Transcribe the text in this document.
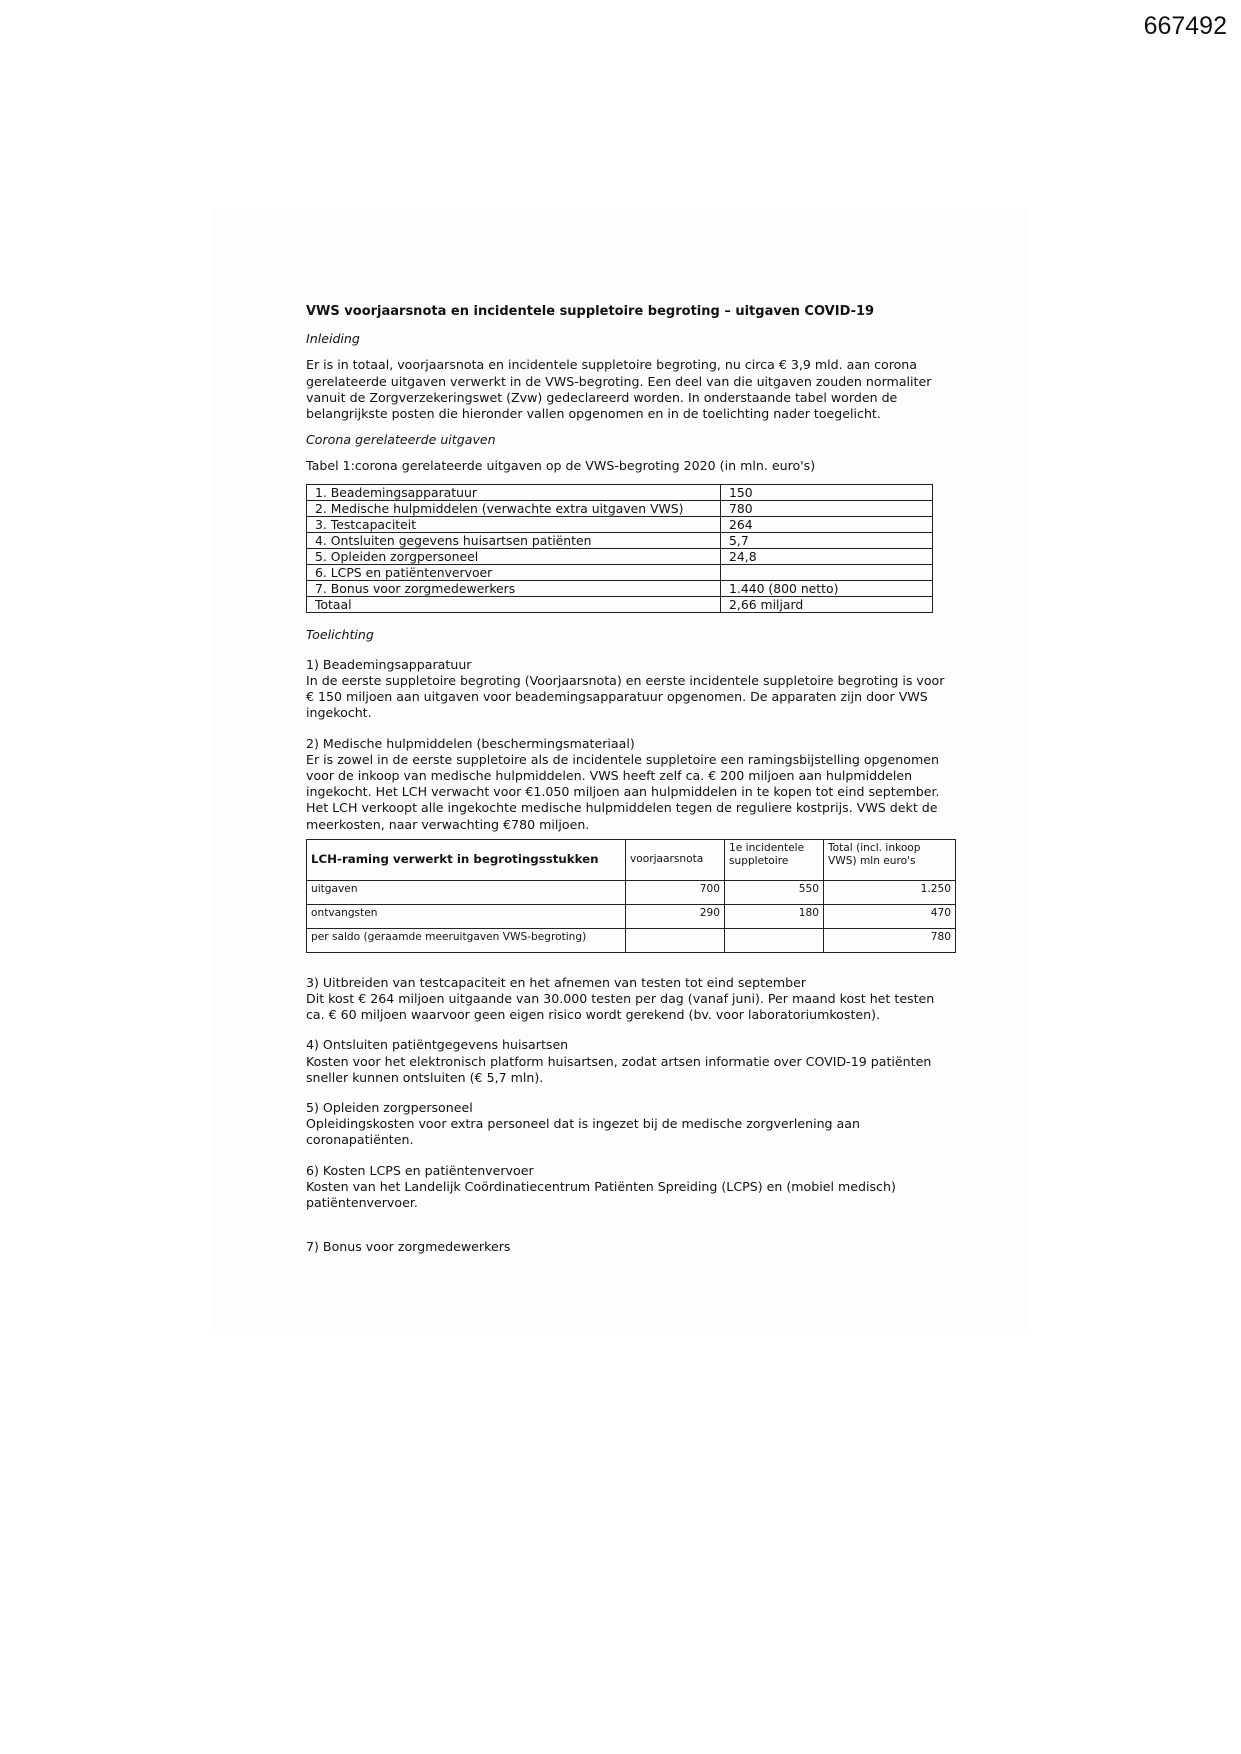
667492
VWS voorjaarsnota en incidentele suppletoire begroting – uitgaven COVID-19
Inleiding

Er is in totaal, voorjaarsnota en incidentele suppletoire begroting, nu circa € 3,9 mld. aan corona gerelateerde uitgaven verwerkt in de VWS-begroting. Een deel van die uitgaven zouden normaliter vanuit de Zorgverzekeringswet (Zvw) gedeclareerd worden. In onderstaande tabel worden de belangrijkste posten die hieronder vallen opgenomen en in de toelichting nader toegelicht.

Corona gerelateerde uitgaven
Tabel 1:corona gerelateerde uitgaven op de VWS-begroting 2020 (in mln. euro's)
1. Beademingsapparatuur	150
2. Medische hulpmiddelen (verwachte extra uitgaven VWS)	780
3. Testcapaciteit	264
4. Ontsluiten gegevens huisartsen patiënten	5,7
5. Opleiden zorgpersoneel	24,8
6. LCPS en patiëntenvervoer	
7. Bonus voor zorgmedewerkers	1.440 (800 netto)
Totaal	2,66 miljard
Toelichting
1) Beademingsapparatuur
In de eerste suppletoire begroting (Voorjaarsnota) en eerste incidentele suppletoire begroting is voor € 150 miljoen aan uitgaven voor beademingsapparatuur opgenomen. De apparaten zijn door VWS ingekocht.
2) Medische hulpmiddelen (beschermingsmateriaal)
Er is zowel in de eerste suppletoire als de incidentele suppletoire een ramingsbijstelling opgenomen voor de inkoop van medische hulpmiddelen. VWS heeft zelf ca. € 200 miljoen aan hulpmiddelen ingekocht. Het LCH verwacht voor €1.050 miljoen aan hulpmiddelen in te kopen tot eind september. Het LCH verkoopt alle ingekochte medische hulpmiddelen tegen de reguliere kostprijs. VWS dekt de meerkosten, naar verwachting €780 miljoen.
LCH-raming verwerkt in begrotingsstukken	voorjaarsnota	1e incidentele suppletoire	Total (incl. inkoop VWS) mln euro's
uitgaven	700	550	1.250
ontvangsten	290	180	470
per saldo (geraamde meeruitgaven VWS-begroting)			780
3) Uitbreiden van testcapaciteit en het afnemen van testen tot eind september
Dit kost € 264 miljoen uitgaande van 30.000 testen per dag (vanaf juni). Per maand kost het testen ca. € 60 miljoen waarvoor geen eigen risico wordt gerekend (bv. voor laboratoriumkosten).
4) Ontsluiten patiëntgegevens huisartsen
Kosten voor het elektronisch platform huisartsen, zodat artsen informatie over COVID-19 patiënten sneller kunnen ontsluiten (€ 5,7 mln).
5) Opleiden zorgpersoneel
Opleidingskosten voor extra personeel dat is ingezet bij de medische zorgverlening aan coronapatiënten.
6) Kosten LCPS en patiëntenvervoer
Kosten van het Landelijk Coördinatiecentrum Patiënten Spreiding (LCPS) en (mobiel medisch) patiëntenvervoer.
7) Bonus voor zorgmedewerkers
